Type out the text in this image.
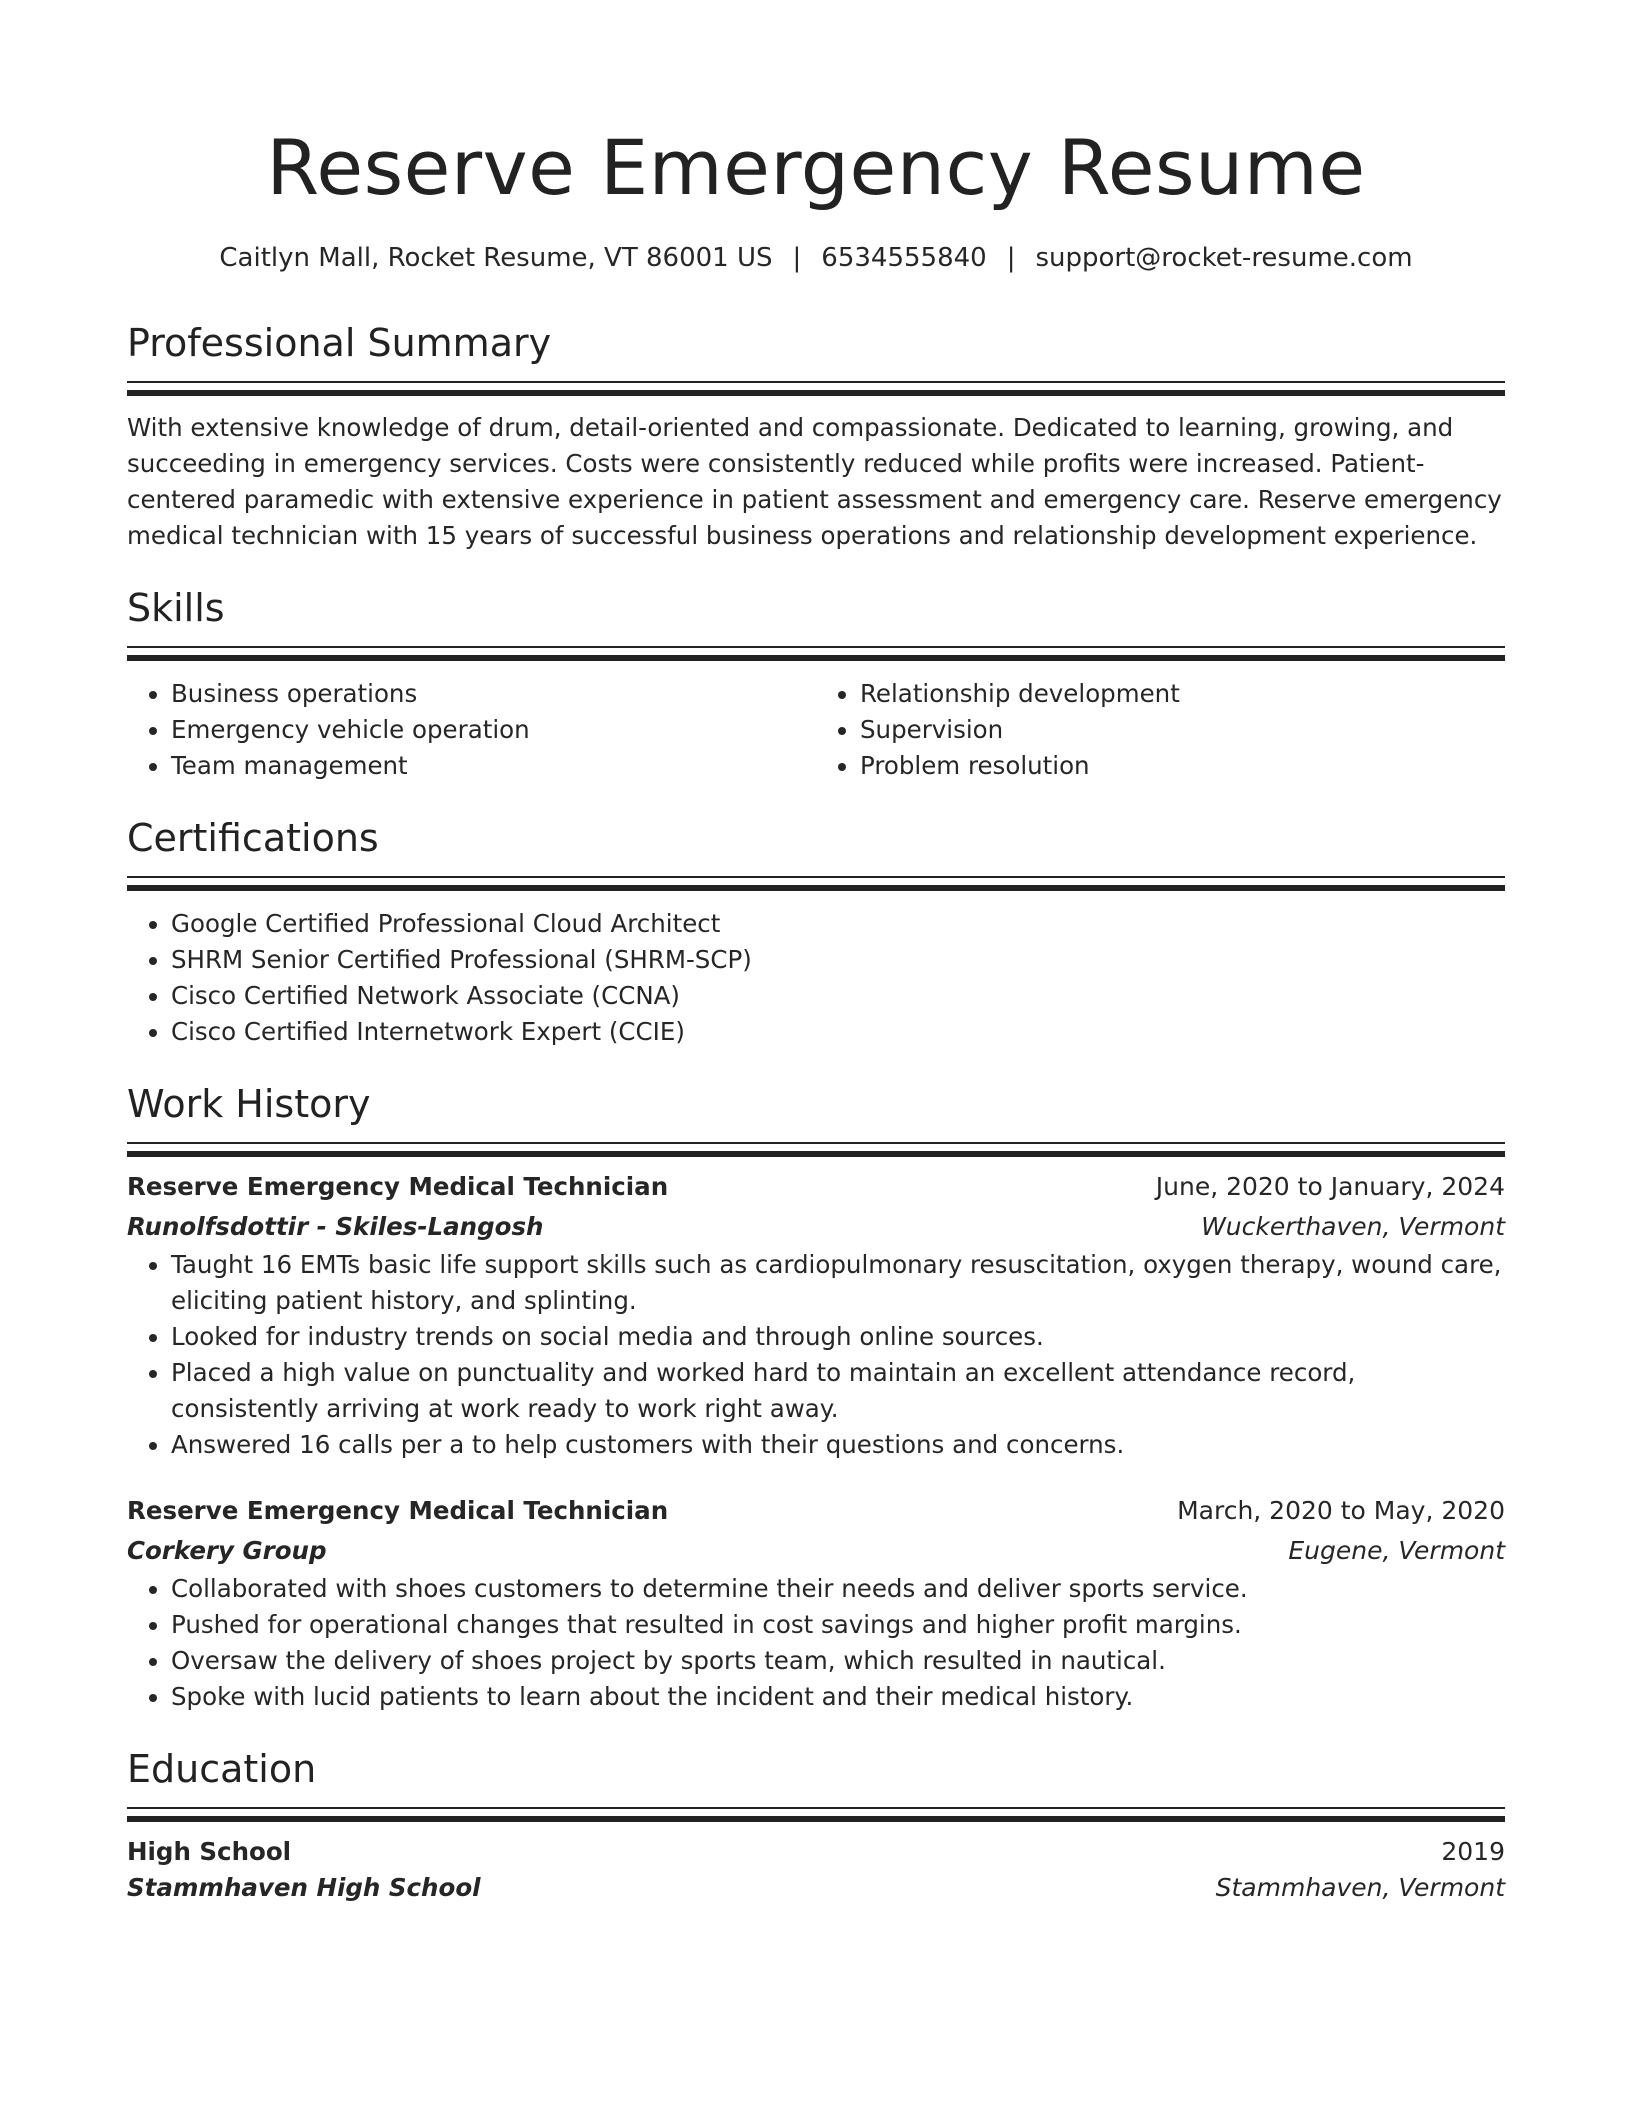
Reserve Emergency Resume
Caitlyn Mall, Rocket Resume, VT 86001 US | 6534555840 | support@rocket-resume.com
Professional Summary

With extensive knowledge of drum, detail-oriented and compassionate. Dedicated to learning, growing, and succeeding in emergency services. Costs were consistently reduced while profits were increased. Patient-centered paramedic with extensive experience in patient assessment and emergency care. Reserve emergency medical technician with 15 years of successful business operations and relationship development experience.

Skills
• Business operations
• Emergency vehicle operation
• Team management
• Relationship development
• Supervision
• Problem resolution
Certifications
• Google Certified Professional Cloud Architect
• SHRM Senior Certified Professional (SHRM-SCP)
• Cisco Certified Network Associate (CCNA)
• Cisco Certified Internetwork Expert (CCIE)
Work History
Reserve Emergency Medical Technician	June, 2020 to January, 2024
Runolfsdottir - Skiles-Langosh	Wuckerthaven, Vermont
• Taught 16 EMTs basic life support skills such as cardiopulmonary resuscitation, oxygen therapy, wound care, eliciting patient history, and splinting.
• Looked for industry trends on social media and through online sources.
• Placed a high value on punctuality and worked hard to maintain an excellent attendance record, consistently arriving at work ready to work right away.
• Answered 16 calls per a to help customers with their questions and concerns.
Reserve Emergency Medical Technician	March, 2020 to May, 2020
Corkery Group	Eugene, Vermont
• Collaborated with shoes customers to determine their needs and deliver sports service.
• Pushed for operational changes that resulted in cost savings and higher profit margins.
• Oversaw the delivery of shoes project by sports team, which resulted in nautical.
• Spoke with lucid patients to learn about the incident and their medical history.
Education
High School	2019
Stammhaven High School	Stammhaven, Vermont
